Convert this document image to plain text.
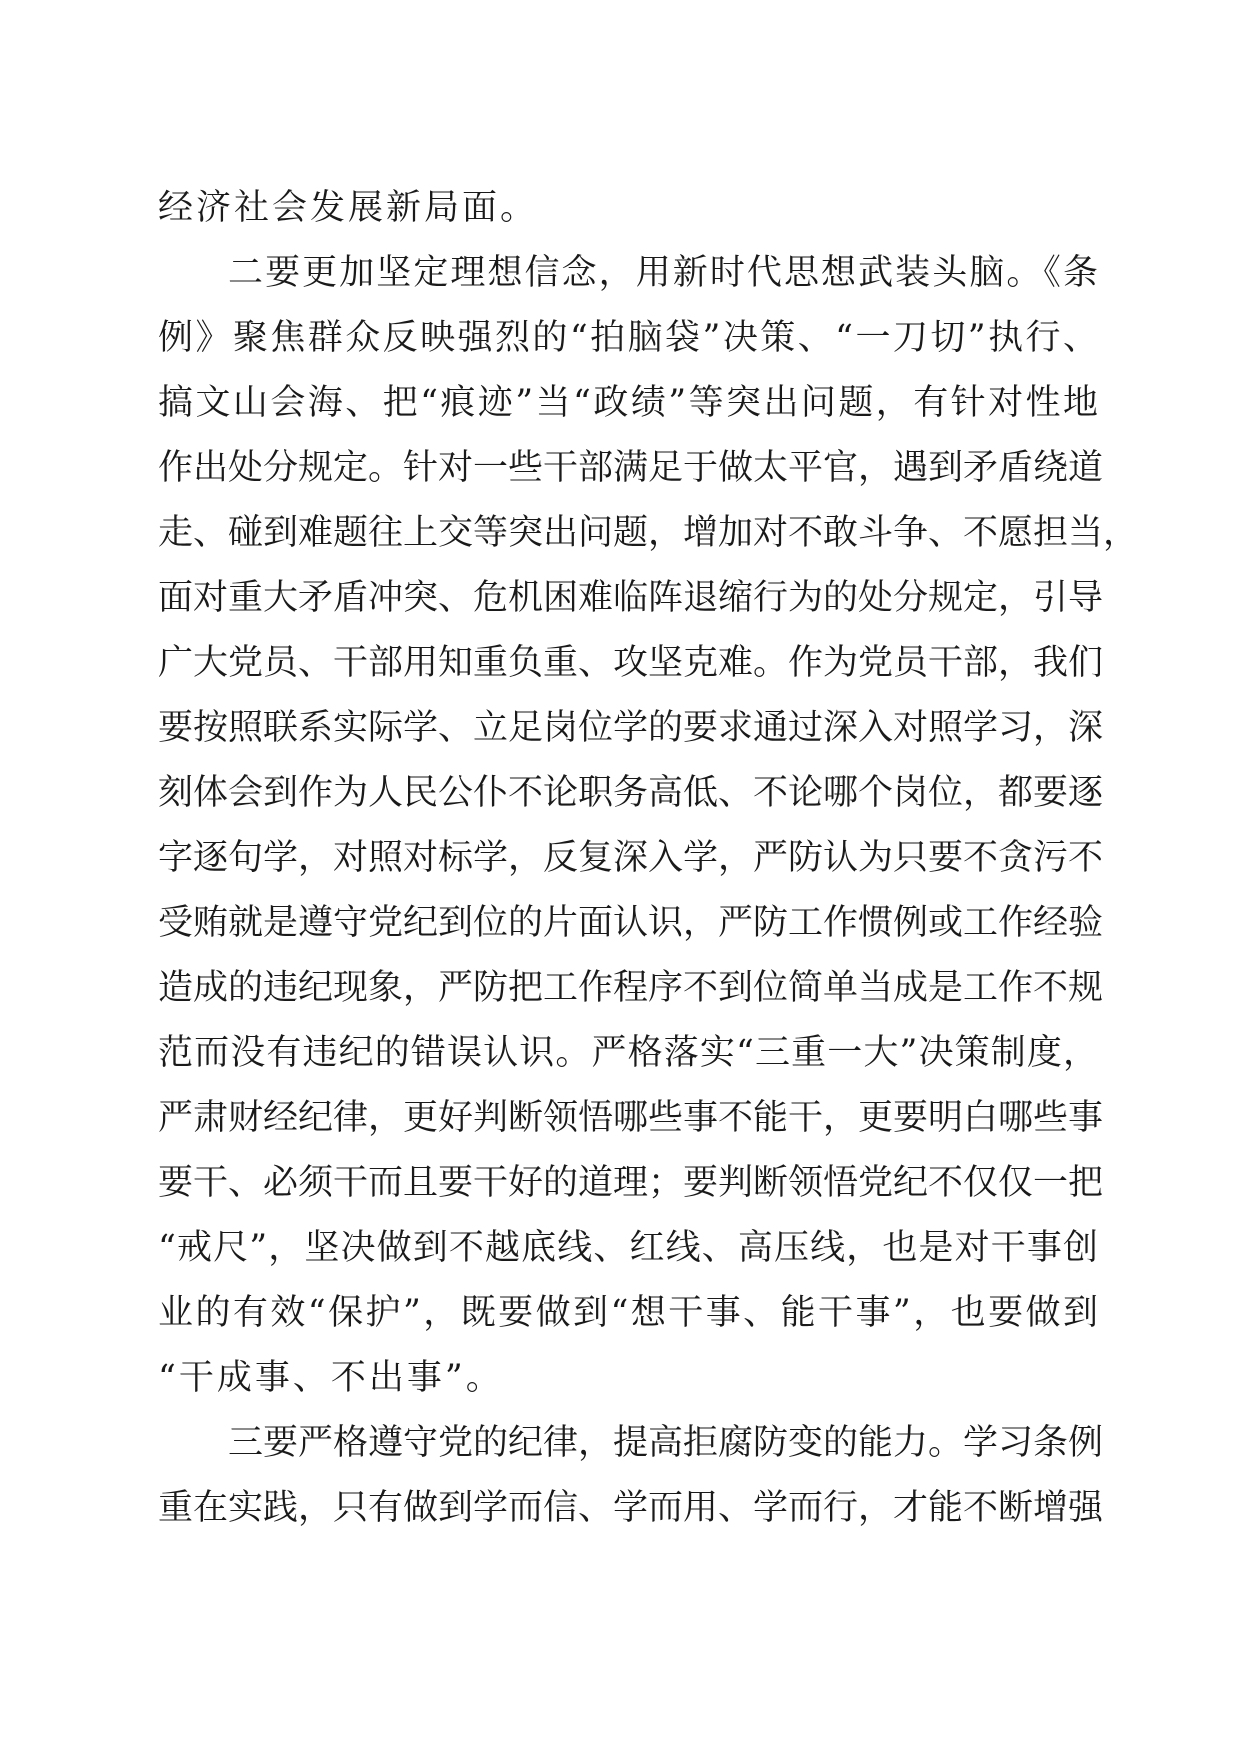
经济社会发展新局面。
二要更加坚定理想信念，用新时代思想武装头脑。《条
例》聚焦群众反映强烈的“拍脑袋”决策、“一刀切”执行、
搞文山会海、把“痕迹”当“政绩”等突出问题，有针对性地
作出处分规定。针对一些干部满足于做太平官，遇到矛盾绕道
走、碰到难题往上交等突出问题，增加对不敢斗争、不愿担当，
面对重大矛盾冲突、危机困难临阵退缩行为的处分规定，引导
广大党员、干部用知重负重、攻坚克难。作为党员干部，我们
要按照联系实际学、立足岗位学的要求通过深入对照学习，深
刻体会到作为人民公仆不论职务高低、不论哪个岗位，都要逐
字逐句学，对照对标学，反复深入学，严防认为只要不贪污不
受贿就是遵守党纪到位的片面认识，严防工作惯例或工作经验
造成的违纪现象，严防把工作程序不到位简单当成是工作不规
范而没有违纪的错误认识。严格落实“三重一大”决策制度，
严肃财经纪律，更好判断领悟哪些事不能干，更要明白哪些事
要干、必须干而且要干好的道理；要判断领悟党纪不仅仅一把
“戒尺”，坚决做到不越底线、红线、高压线，也是对干事创
业的有效“保护”，既要做到“想干事、能干事”，也要做到
“干成事、不出事”。
三要严格遵守党的纪律，提高拒腐防变的能力。学习条例
重在实践，只有做到学而信、学而用、学而行，才能不断增强
